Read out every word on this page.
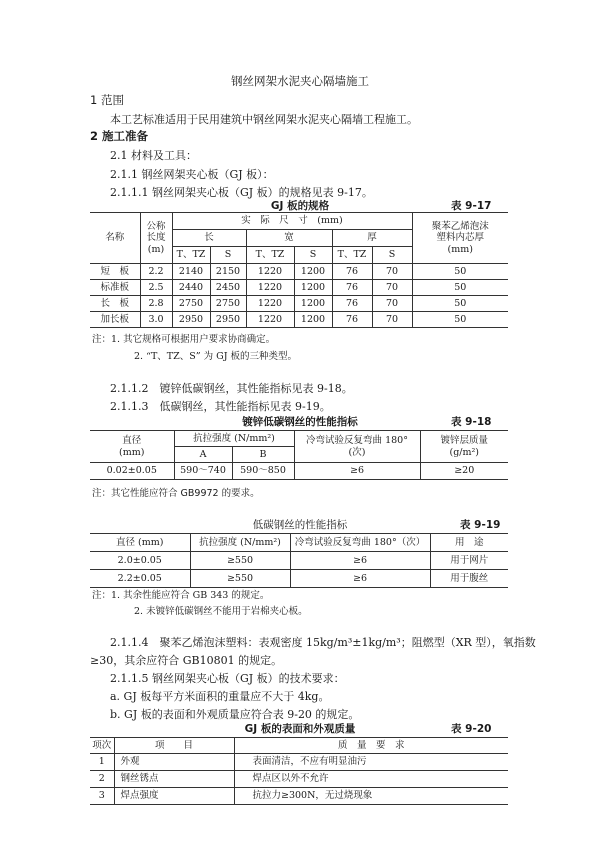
钢丝网架水泥夹心隔墙施工
1 范围
本工艺标准适用于民用建筑中钢丝网架水泥夹心隔墙工程施工。
2 施工准备
2.1 材料及工具：
2.1.1 钢丝网架夹心板（GJ 板）：
2.1.1.1 钢丝网架夹心板（GJ 板）的规格见表 9-17。
GJ 板的规格	表 9-17
名称	公称
长度
(m)	实　际　尺　寸　(mm)						聚苯乙烯泡沫
塑料内芯厚
(mm)
		长		宽		厚		
		T、TZ	S	T、TZ	S	T、TZ	S	
短　板	2.2	2140	2150	1220	1200	76	70	50
标准板	2.5	2440	2450	1220	1200	76	70	50
长　板	2.8	2750	2750	1220	1200	76	70	50
加长板	3.0	2950	2950	1220	1200	76	70	50
注：1. 其它规格可根据用户要求协商确定。
2. “T、TZ、S” 为 GJ 板的三种类型。
2.1.1.2　镀锌低碳钢丝，其性能指标见表 9-18。
2.1.1.3　低碳钢丝，其性能指标见表 9-19。
镀锌低碳钢丝的性能指标	表 9-18
直径
(mm)	抗拉强度 (N/mm²)		冷弯试验反复弯曲 180°
(次)	镀锌层质量
(g/m²)
	A	B		
0.02±0.05	590～740	590～850	≥6	≥20
注：其它性能应符合 GB9972 的要求。
低碳钢丝的性能指标	表 9-19
直径 (mm)	抗拉强度 (N/mm²)	冷弯试验反复弯曲 180°（次）	用　途
2.0±0.05	≥550	≥6	用于网片
2.2±0.05	≥550	≥6	用于腹丝
注：1. 其余性能应符合 GB 343 的规定。
2. 未镀锌低碳钢丝不能用于岩棉夹心板。
2.1.1.4　聚苯乙烯泡沫塑料：表观密度 15kg/m³±1kg/m³；阻燃型（XR 型），氧指数
≥30，其余应符合 GB10801 的规定。
2.1.1.5 钢丝网架夹心板（GJ 板）的技术要求：
a. GJ 板每平方米面积的重量应不大于 4kg。
b. GJ 板的表面和外观质量应符合表 9-20 的规定。
GJ 板的表面和外观质量	表 9-20
项次	项　　目	质　量　要　求
1	外观	表面清洁，不应有明显油污
2	钢丝锈点	焊点区以外不允许
3	焊点强度	抗拉力≥300N，无过烧现象
